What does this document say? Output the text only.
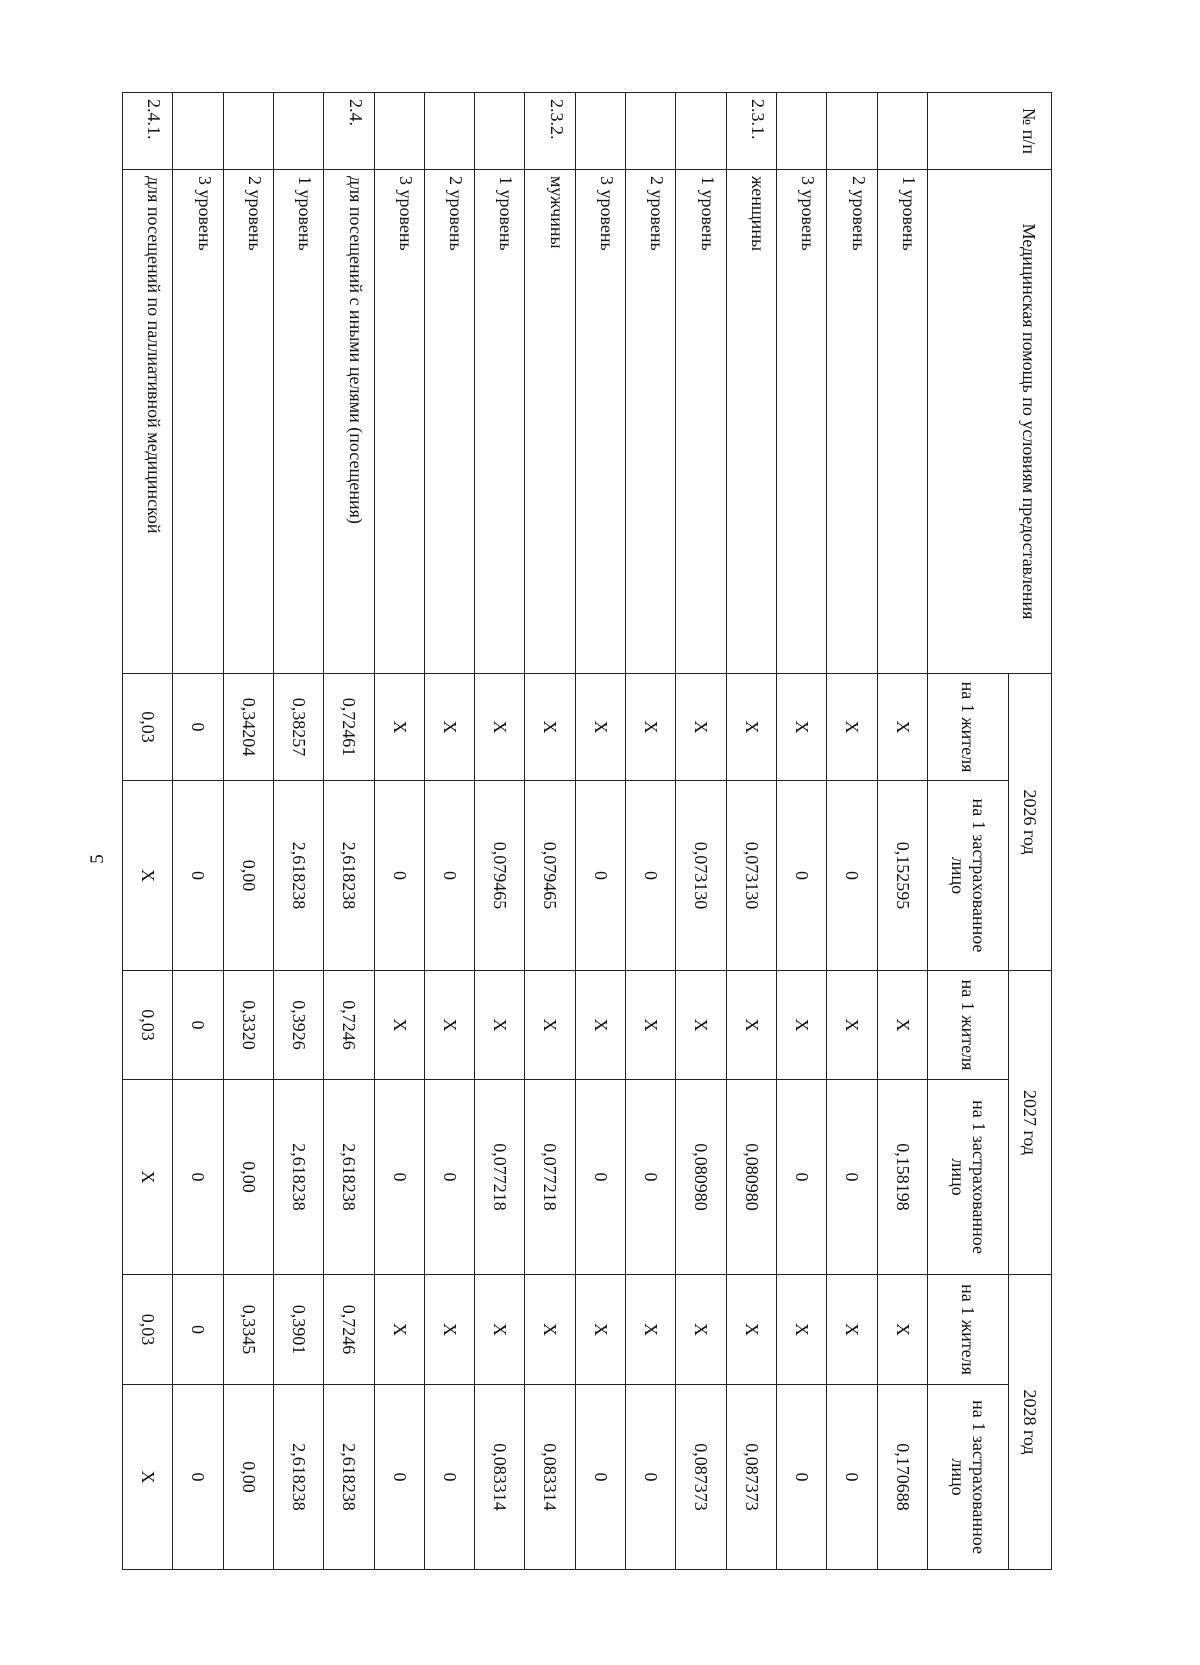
5
№ п/п	Медицинская помощь по условиям предоставления	2026 год		2027 год		2028 год	
		на 1 жителя	на 1 застрахованное лицо	на 1 жителя	на 1 застрахованное лицо	на 1 жителя	на 1 застрахованное лицо
	1 уровень	Х	0,152595	Х	0,158198	Х	0,170688
	2 уровень	Х	0	Х	0	Х	0
	3 уровень	Х	0	Х	0	Х	0
2.3.1.	женщины	Х	0,073130	Х	0,080980	Х	0,087373
	1 уровень	Х	0,073130	Х	0,080980	Х	0,087373
	2 уровень	Х	0	Х	0	Х	0
	3 уровень	Х	0	Х	0	Х	0
2.3.2.	мужчины	Х	0,079465	Х	0,077218	Х	0,083314
	1 уровень	Х	0,079465	Х	0,077218	Х	0,083314
	2 уровень	Х	0	Х	0	Х	0
	3 уровень	Х	0	Х	0	Х	0
2.4.	для посещений с иными целями (посещения)	0,72461	2,618238	0,7246	2,618238	0,7246	2,618238
	1 уровень	0,38257	2,618238	0,3926	2,618238	0,3901	2,618238
	2 уровень	0,34204	0,00	0,3320	0,00	0,3345	0,00
	3 уровень	0	0	0	0	0	0
2.4.1.	для посещений по паллиативной медицинской	0,03	Х	0,03	Х	0,03	Х
